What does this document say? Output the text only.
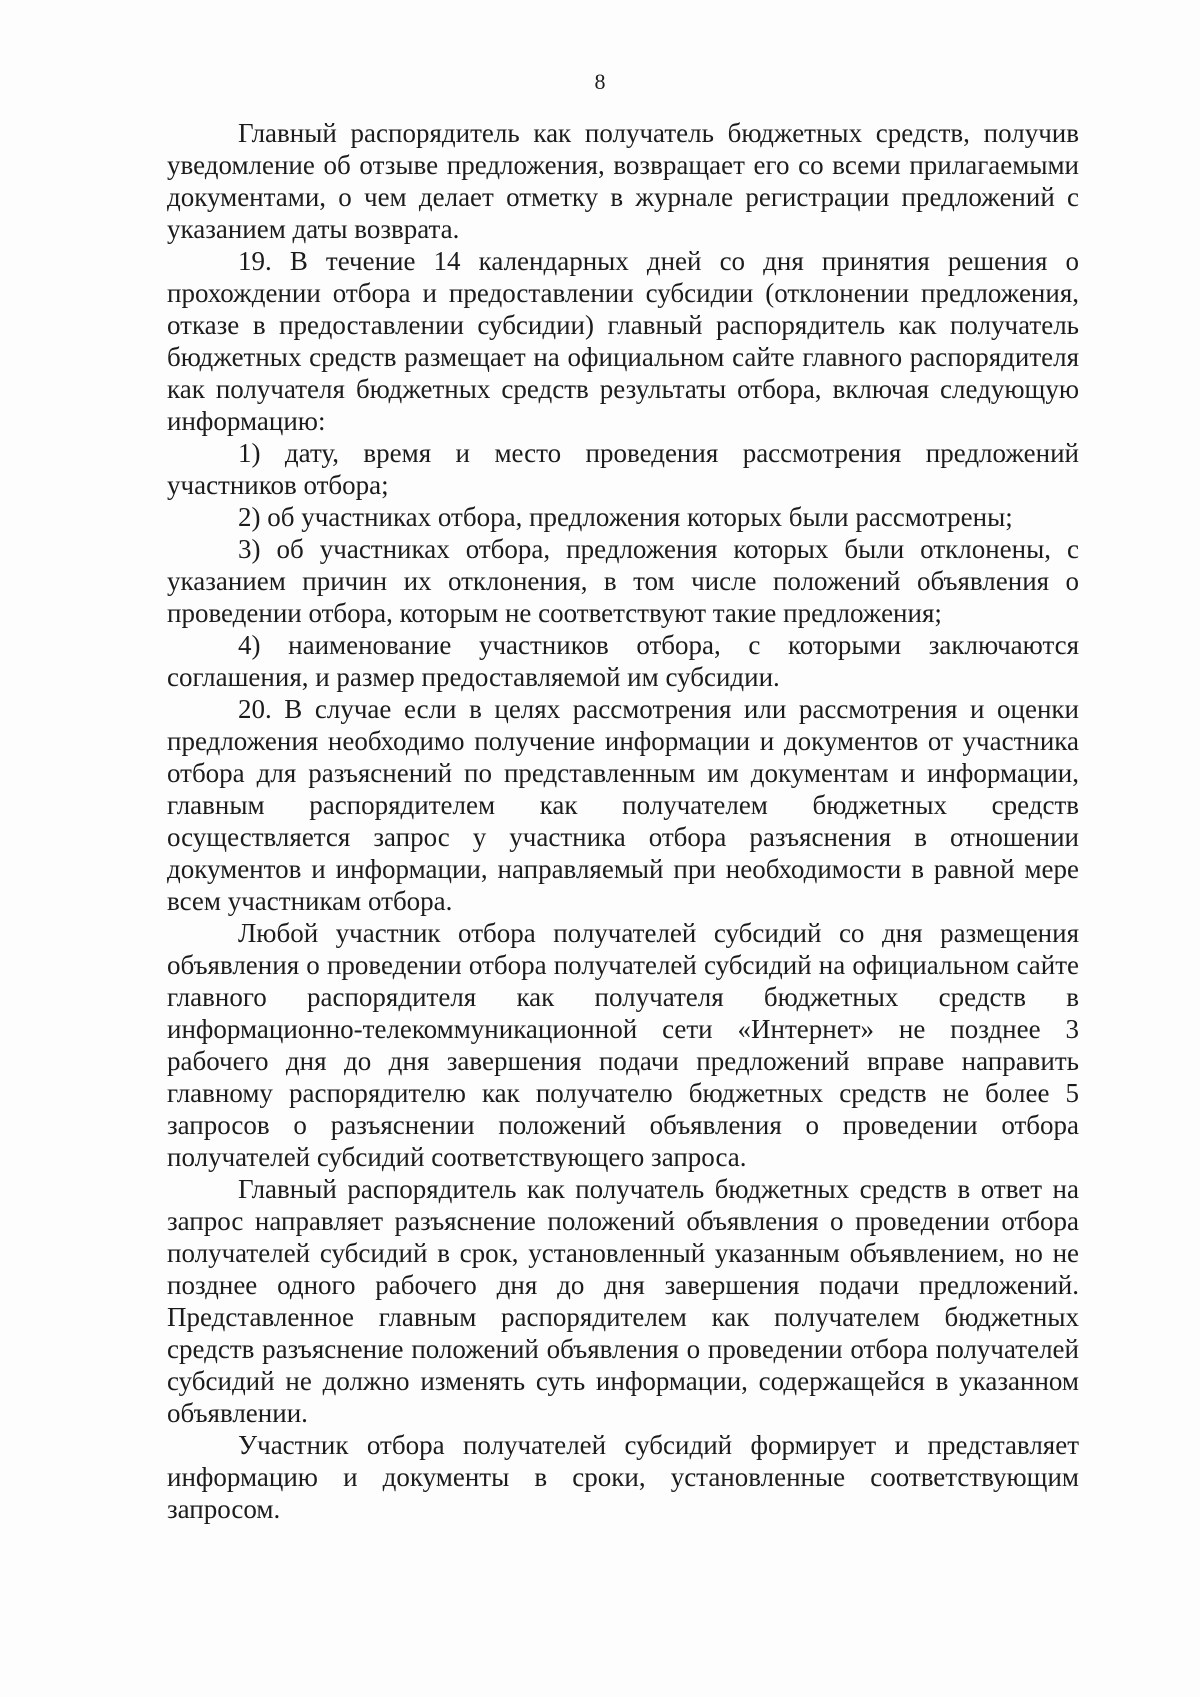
8

Главный распорядитель как получатель бюджетных средств, получив уведомление об отзыве предложения, возвращает его со всеми прилагаемыми документами, о чем делает отметку в журнале регистрации предложений с указанием даты возврата.

19. В течение 14 календарных дней со дня принятия решения о прохождении отбора и предоставлении субсидии (отклонении предложения, отказе в предоставлении субсидии) главный распорядитель как получатель бюджетных средств размещает на официальном сайте главного распорядителя как получателя бюджетных средств результаты отбора, включая следующую информацию:

1) дату, время и место проведения рассмотрения предложений участников отбора;

2) об участниках отбора, предложения которых были рассмотрены;

3) об участниках отбора, предложения которых были отклонены, с указанием причин их отклонения, в том числе положений объявления о проведении отбора, которым не соответствуют такие предложения;

4) наименование участников отбора, с которыми заключаются соглашения, и размер предоставляемой им субсидии.

20. В случае если в целях рассмотрения или рассмотрения и оценки предложения необходимо получение информации и документов от участника отбора для разъяснений по представленным им документам и информации, главным распорядителем как получателем бюджетных средств осуществляется запрос у участника отбора разъяснения в отношении документов и информации, направляемый при необходимости в равной мере всем участникам отбора.

Любой участник отбора получателей субсидий со дня размещения объявления о проведении отбора получателей субсидий на официальном сайте главного распорядителя как получателя бюджетных средств в информационно-телекоммуникационной сети «Интернет» не позднее 3 рабочего дня до дня завершения подачи предложений вправе направить главному распорядителю как получателю бюджетных средств не более 5 запросов о разъяснении положений объявления о проведении отбора получателей субсидий соответствующего запроса.

Главный распорядитель как получатель бюджетных средств в ответ на запрос направляет разъяснение положений объявления о проведении отбора получателей субсидий в срок, установленный указанным объявлением, но не позднее одного рабочего дня до дня завершения подачи предложений. Представленное главным распорядителем как получателем бюджетных средств разъяснение положений объявления о проведении отбора получателей субсидий не должно изменять суть информации, содержащейся в указанном объявлении.

Участник отбора получателей субсидий формирует и представляет информацию и документы в сроки, установленные соответствующим запросом.
